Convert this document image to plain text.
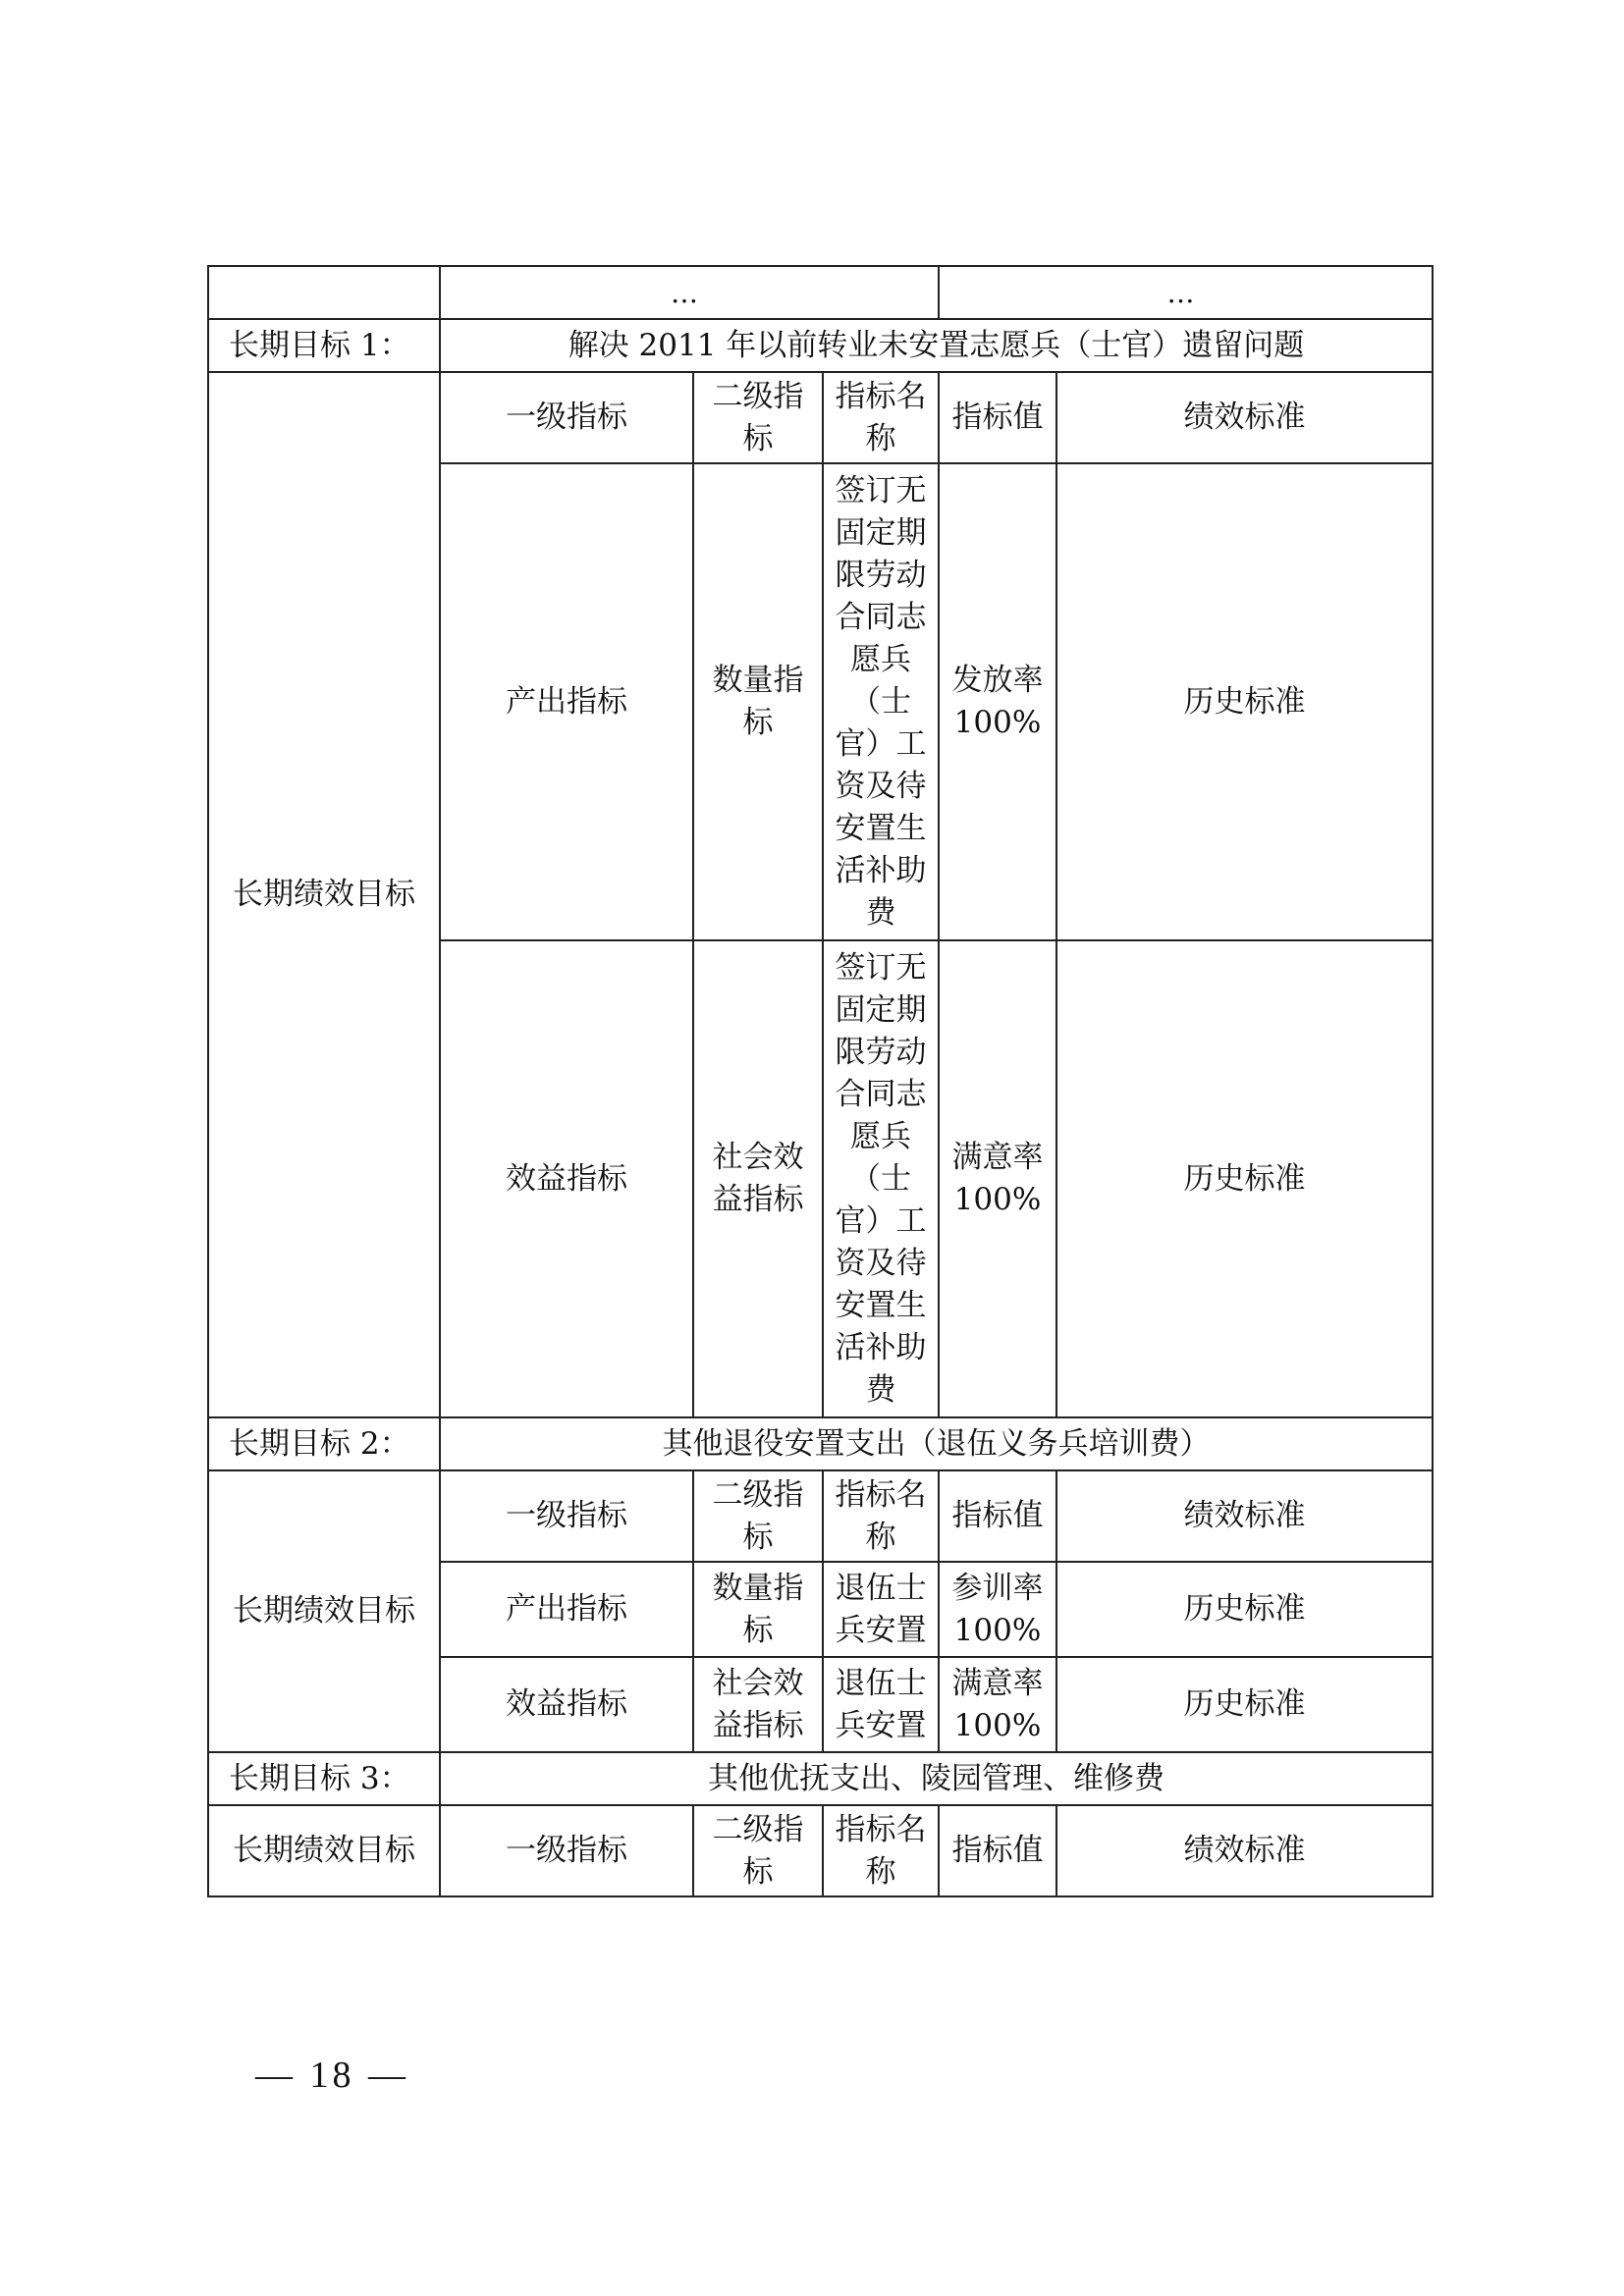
	…			…	
长期目标 1：	解决 2011 年以前转业未安置志愿兵（士官）遗留问题				
长期绩效目标	一级指标	二级指标	指标名称	指标值	绩效标准
	产出指标	数量指标	签订无固定期限劳动合同志愿兵（士官）工资及待安置生活补助费	发放率100%	历史标准
	效益指标	社会效益指标	签订无固定期限劳动合同志愿兵（士官）工资及待安置生活补助费	满意率100%	历史标准
长期目标 2：	其他退役安置支出（退伍义务兵培训费）				
长期绩效目标	一级指标	二级指标	指标名称	指标值	绩效标准
	产出指标	数量指标	退伍士兵安置	参训率100%	历史标准
	效益指标	社会效益指标	退伍士兵安置	满意率100%	历史标准
长期目标 3：	其他优抚支出、陵园管理、维修费				
长期绩效目标	一级指标	二级指标	指标名称	指标值	绩效标准
— 18 —
